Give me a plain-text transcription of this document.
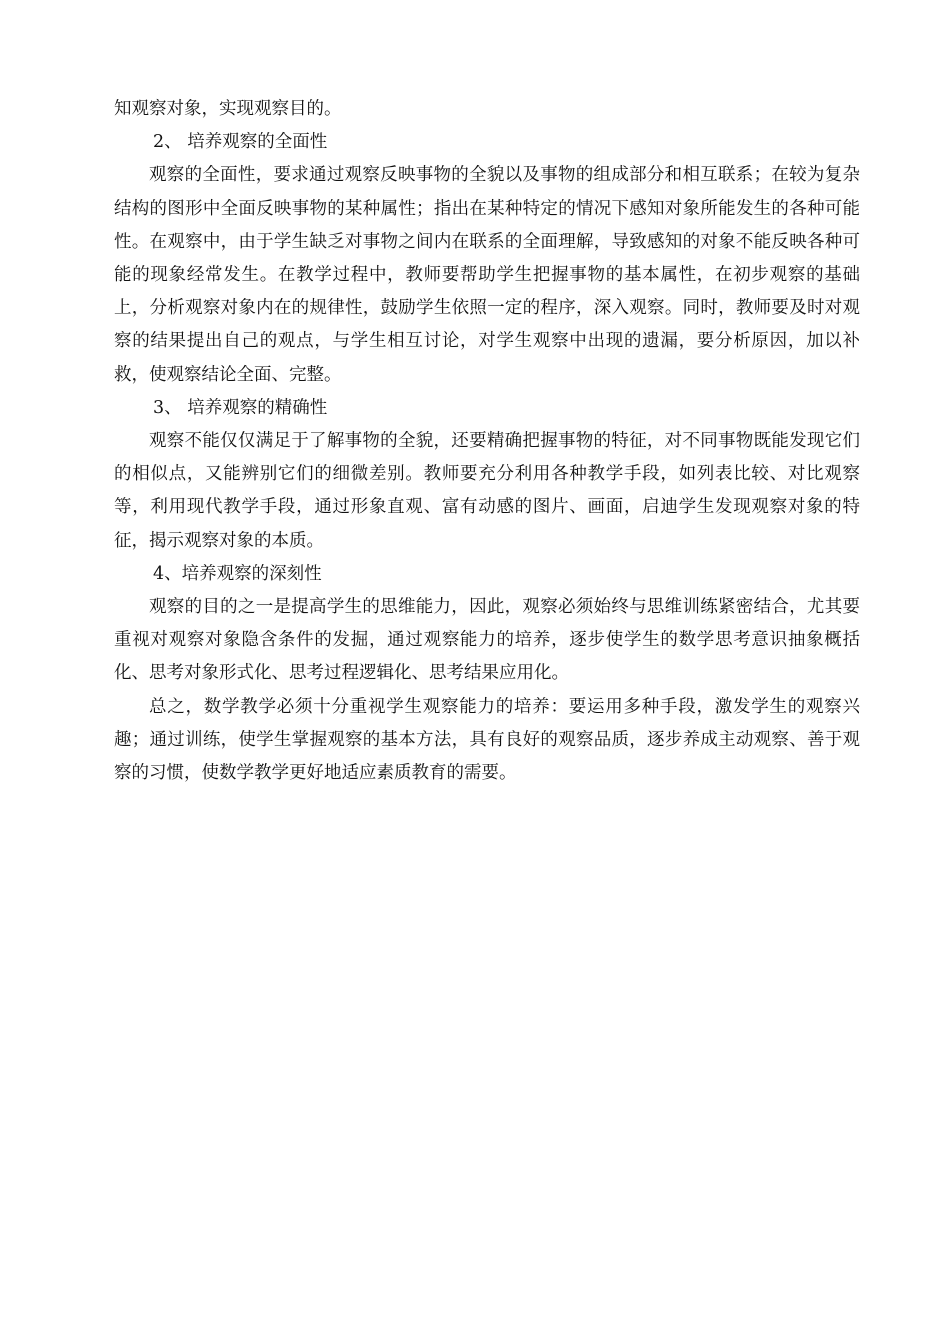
知观察对象，实现观察目的。

2、 培养观察的全面性

观察的全面性，要求通过观察反映事物的全貌以及事物的组成部分和相互联系；在较为复杂结构的图形中全面反映事物的某种属性；指出在某种特定的情况下感知对象所能发生的各种可能性。在观察中，由于学生缺乏对事物之间内在联系的全面理解，导致感知的对象不能反映各种可能的现象经常发生。在教学过程中，教师要帮助学生把握事物的基本属性，在初步观察的基础上，分析观察对象内在的规律性，鼓励学生依照一定的程序，深入观察。同时，教师要及时对观察的结果提出自己的观点，与学生相互讨论，对学生观察中出现的遗漏，要分析原因，加以补救，使观察结论全面、完整。

3、 培养观察的精确性

观察不能仅仅满足于了解事物的全貌，还要精确把握事物的特征，对不同事物既能发现它们的相似点，又能辨别它们的细微差别。教师要充分利用各种教学手段，如列表比较、对比观察等，利用现代教学手段，通过形象直观、富有动感的图片、画面，启迪学生发现观察对象的特征，揭示观察对象的本质。

4、培养观察的深刻性

观察的目的之一是提高学生的思维能力，因此，观察必须始终与思维训练紧密结合，尤其要重视对观察对象隐含条件的发掘，通过观察能力的培养，逐步使学生的数学思考意识抽象概括化、思考对象形式化、思考过程逻辑化、思考结果应用化。

总之，数学教学必须十分重视学生观察能力的培养：要运用多种手段，激发学生的观察兴趣；通过训练，使学生掌握观察的基本方法，具有良好的观察品质，逐步养成主动观察、善于观察的习惯，使数学教学更好地适应素质教育的需要。
